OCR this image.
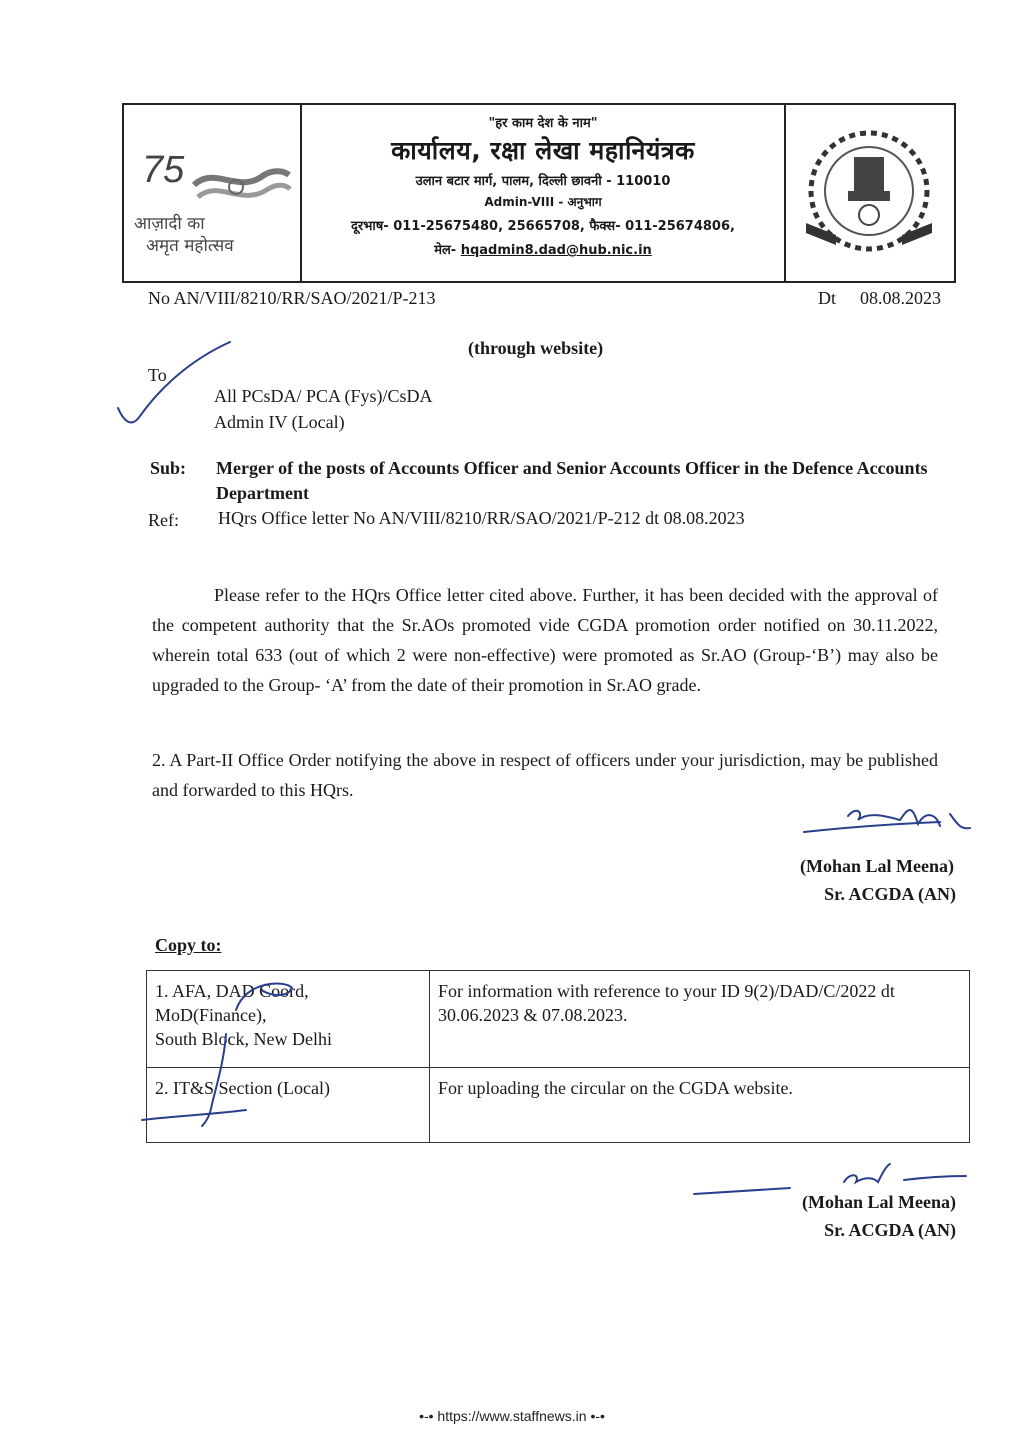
75
आज़ादी का
अमृत महोत्सव
"हर काम देश के नाम"
कार्यालय, रक्षा लेखा महानियंत्रक
उलान बटार मार्ग, पालम, दिल्ली छावनी - 110010
Admin-VIII - अनुभाग
दूरभाष- 011-25675480, 25665708, फैक्स- 011-25674806,
मेल- hqadmin8.dad@hub.nic.in
No AN/VIII/8210/RR/SAO/2021/P-213	Dt 08.08.2023
(through website)
To
All PCsDA/ PCA (Fys)/CsDA
Admin IV (Local)
Sub: Merger of the posts of Accounts Officer and Senior Accounts Officer in the Defence Accounts Department
Ref: HQrs Office letter No AN/VIII/8210/RR/SAO/2021/P-212 dt 08.08.2023
Please refer to the HQrs Office letter cited above. Further, it has been decided with the approval of the competent authority that the Sr.AOs promoted vide CGDA promotion order notified on 30.11.2022, wherein total 633 (out of which 2 were non-effective) were promoted as Sr.AO (Group-‘B’) may also be upgraded to the Group- ‘A’ from the date of their promotion in Sr.AO grade.
2. A Part-II Office Order notifying the above in respect of officers under your jurisdiction, may be published and forwarded to this HQrs.
(Mohan Lal Meena)
Sr. ACGDA (AN)
Copy to:
1. AFA, DAD Coord,
MoD(Finance),
South Block, New Delhi	For information with reference to your ID 9(2)/DAD/C/2022 dt 30.06.2023 & 07.08.2023.

2. IT&S Section (Local)	For uploading the circular on the CGDA website.
(Mohan Lal Meena)
Sr. ACGDA (AN)
•-• https://www.staffnews.in •-•
